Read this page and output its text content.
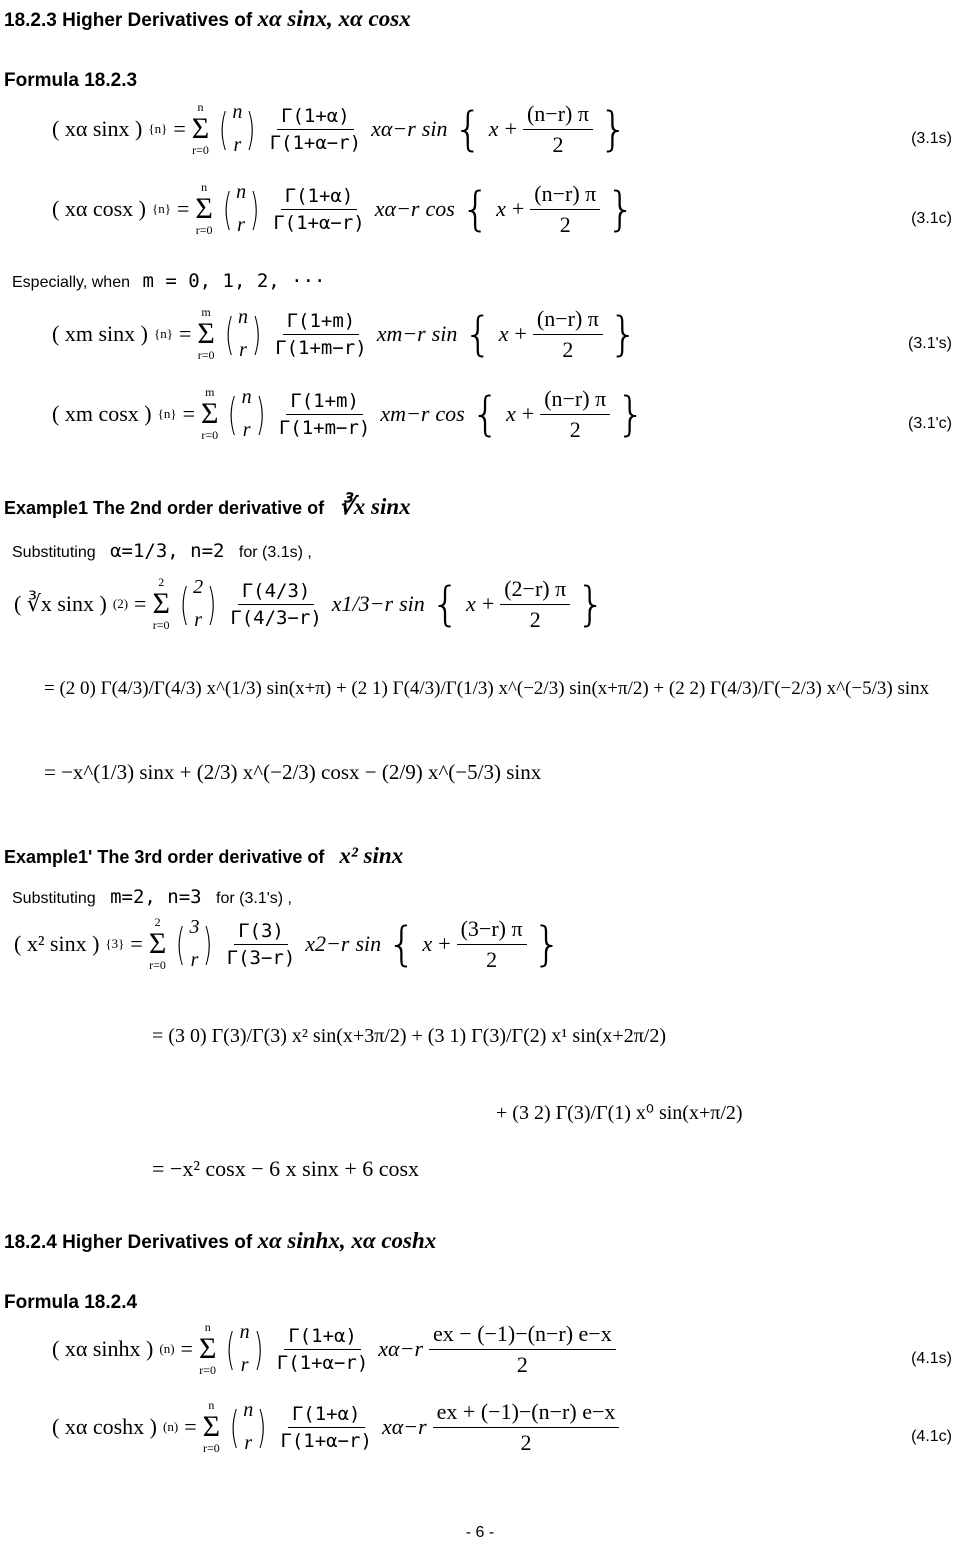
18.2.3 Higher Derivatives of xα sinx, xα cosx
Formula 18.2.3
( xα sinx ) {n} =
n
Σ
r=0 ( n
r ) $\frac{\Gamma(1+\alpha)}{\Gamma(1+\alpha-r)} x\alpha-r$ sin { $x + \frac{(n-r) \pi}{2}$ }	(3.1s)
( xα cosx ) {n} =
n
Σ
r=0 ( n
r ) $\frac{\Gamma(1+\alpha)}{\Gamma(1+\alpha-r)} x\alpha-r$ cos { $x + \frac{(n-r) \pi}{2}$ }	(3.1c)
Especially, when m = 0, 1, 2, ···
( xm sinx ) {n} =
m
Σ
r=0 ( n
r ) $\frac{\Gamma(1+m)}{\Gamma(1+m-r)} xm-r$ sin { $x + \frac{(n-r) \pi}{2}$ }	(3.1's)
( xm cosx ) {n} =
m
Σ
r=0 ( n
r ) $\frac{\Gamma(1+m)}{\Gamma(1+m-r)} xm-r$ cos { $x + \frac{(n-r) \pi}{2}$ }	(3.1'c)
Example1 The 2nd order derivative of ∛x sinx
Substituting α=1/3, n=2 for (3.1s) ,
( ∛x sinx ) (2) =
2
Σ
r=0 ( 2
r ) $\frac{\Gamma(4/3)}{\Gamma(4/3-r)} x1/3-r$ sin { $x + \frac{(2-r) \pi}{2}$ }
= (2 0) Γ(4/3)/Γ(4/3) x^(1/3) sin(x+π) + (2 1) Γ(4/3)/Γ(1/3) x^(−2/3) sin(x+π/2) + (2 2) Γ(4/3)/Γ(−2/3) x^(−5/3) sinx
= −x^(1/3) sinx + (2/3) x^(−2/3) cosx − (2/9) x^(−5/3) sinx
Example1' The 3rd order derivative of x² sinx
Substituting m=2, n=3 for (3.1's) ,
( x² sinx ) {3} =
2
Σ
r=0 ( 3
r ) $\frac{\Gamma(3)}{\Gamma(3-r)} x2-r$ sin { $x + \frac{(3-r) \pi}{2}$ }
= (3 0) Γ(3)/Γ(3) x² sin(x+3π/2) + (3 1) Γ(3)/Γ(2) x¹ sin(x+2π/2)
+ (3 2) Γ(3)/Γ(1) x⁰ sin(x+π/2)
= −x² cosx − 6 x sinx + 6 cosx
18.2.4 Higher Derivatives of xα sinhx, xα coshx
Formula 18.2.4
( xα sinhx ) (n) =
n
Σ
r=0 ( n
r ) $\frac{\Gamma(1+\alpha)}{\Gamma(1+\alpha-r)} x\alpha-r \frac{ex - (-1)-(n-r) e-x}{2}$	(4.1s)
( xα coshx ) (n) =
n
Σ
r=0 ( n
r ) $\frac{\Gamma(1+\alpha)}{\Gamma(1+\alpha-r)} x\alpha-r \frac{ex + (-1)-(n-r) e-x}{2}$	(4.1c)
- 6 -
